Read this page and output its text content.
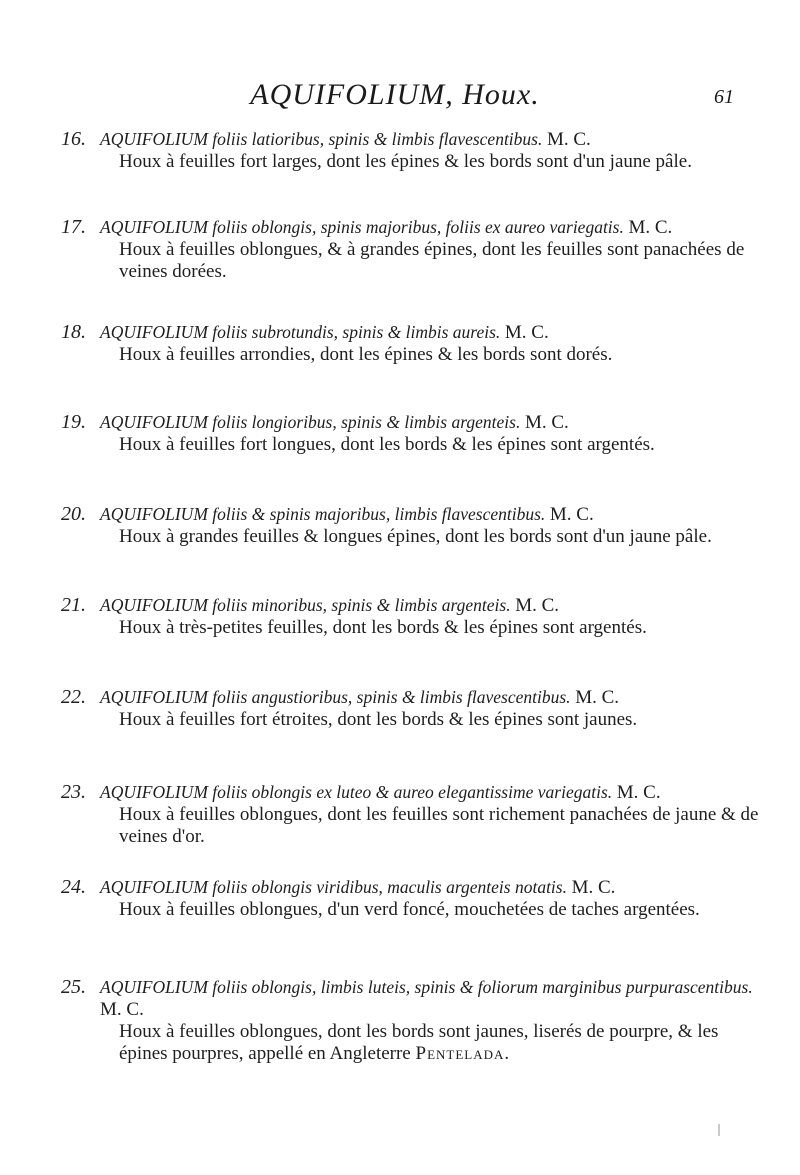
AQUIFOLIUM, Houx.	61
16. AQUIFOLIUM foliis latioribus, spinis & limbis flavescentibus. M. C.
Houx à feuilles fort larges, dont les épines & les bords sont d'un jaune pâle.
17. AQUIFOLIUM foliis oblongis, spinis majoribus, foliis ex aureo variegatis. M. C.
Houx à feuilles oblongues, & à grandes épines, dont les feuilles sont panachées de veines dorées.
18. AQUIFOLIUM foliis subrotundis, spinis & limbis aureis. M. C.
Houx à feuilles arrondies, dont les épines & les bords sont dorés.
19. AQUIFOLIUM foliis longioribus, spinis & limbis argenteis. M. C.
Houx à feuilles fort longues, dont les bords & les épines sont argentés.
20. AQUIFOLIUM foliis & spinis majoribus, limbis flavescentibus. M. C.
Houx à grandes feuilles & longues épines, dont les bords sont d'un jaune pâle.
21. AQUIFOLIUM foliis minoribus, spinis & limbis argenteis. M. C.
Houx à très-petites feuilles, dont les bords & les épines sont argentés.
22. AQUIFOLIUM foliis angustioribus, spinis & limbis flavescentibus. M. C.
Houx à feuilles fort étroites, dont les bords & les épines sont jaunes.
23. AQUIFOLIUM foliis oblongis ex luteo & aureo elegantissime variegatis. M. C.
Houx à feuilles oblongues, dont les feuilles sont richement panachées de jaune & de veines d'or.
24. AQUIFOLIUM foliis oblongis viridibus, maculis argenteis notatis. M. C.
Houx à feuilles oblongues, d'un verd foncé, mouchetées de taches argentées.
25. AQUIFOLIUM foliis oblongis, limbis luteis, spinis & foliorum marginibus purpurascentibus. M. C.
Houx à feuilles oblongues, dont les bords sont jaunes, liserés de pourpre, & les épines pourpres, appellé en Angleterre Pentelada.
